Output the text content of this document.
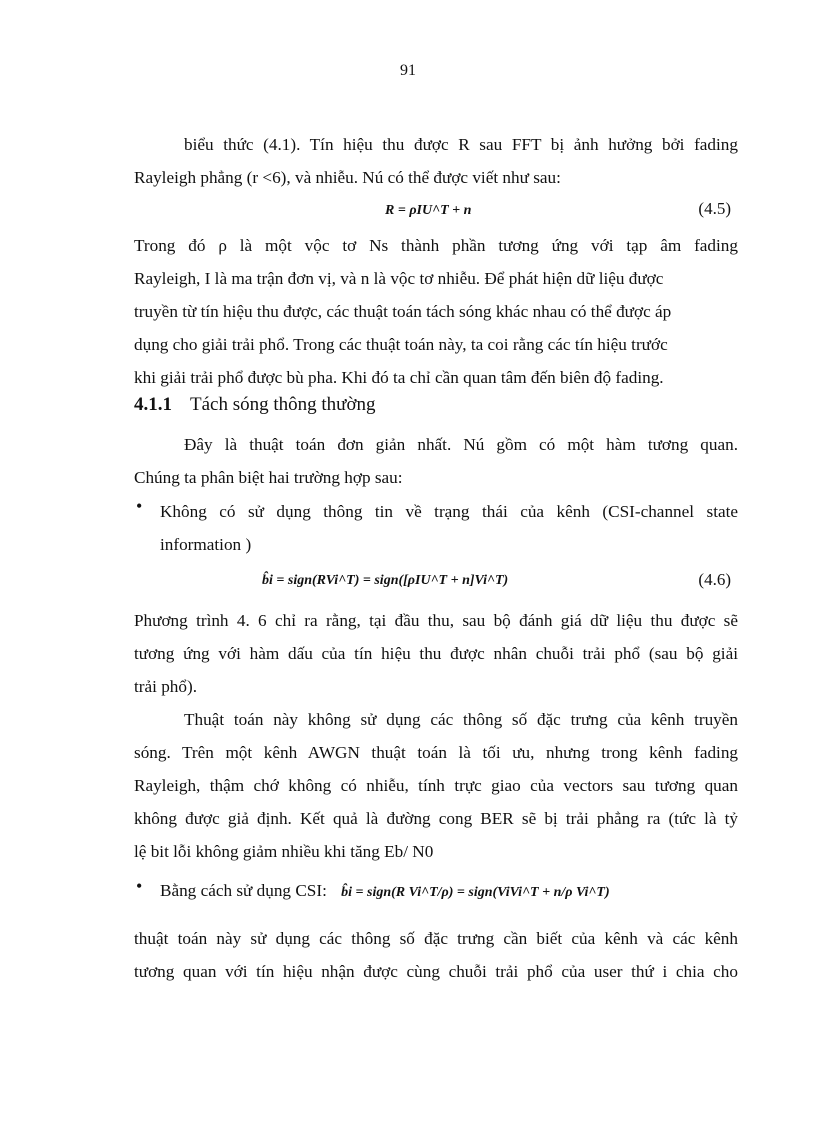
91
biểu thức (4.1). Tín hiệu thu được R sau FFT bị ảnh hưởng bởi fading
Rayleigh phẳng (r <6), và nhiễu. Nú có thể được viết như sau:
R = ρIU^T + n	(4.5)
Trong đó ρ là một vộc tơ Ns thành phần tương ứng với tạp âm fading
Rayleigh, I là ma trận đơn vị, và n là vộc tơ nhiễu. Để phát hiện dữ liệu được
truyền từ tín hiệu thu được, các thuật toán tách sóng khác nhau có thể được áp
dụng cho giải trải phổ. Trong các thuật toán này, ta coi rằng các tín hiệu trước
khi giải trải phổ được bù pha. Khi đó ta chỉ cần quan tâm đến biên độ fading.
4.1.1 Tách sóng thông thường
Đây là thuật toán đơn giản nhất. Nú gồm có một hàm tương quan.
Chúng ta phân biệt hai trường hợp sau:
• Không có sử dụng thông tin về trạng thái của kênh (CSI-channel state
information )
b̂i = sign(RVi^T) = sign([ρIU^T + n]Vi^T)	(4.6)
Phương trình 4. 6 chỉ ra rằng, tại đầu thu, sau bộ đánh giá dữ liệu thu được sẽ
tương ứng với hàm dấu của tín hiệu thu được nhân chuỗi trải phổ (sau bộ giải
trải phổ).
Thuật toán này không sử dụng các thông số đặc trưng của kênh truyền
sóng. Trên một kênh AWGN thuật toán là tối ưu, nhưng trong kênh fading
Rayleigh, thậm chớ không có nhiễu, tính trực giao của vectors sau tương quan
không được giả định. Kết quả là đường cong BER sẽ bị trải phẳng ra (tức là tỷ
lệ bit lỗi không giảm nhiều khi tăng Eb/ N0
• Bằng cách sử dụng CSI: b̂i = sign(R Vi^T/ρ) = sign(ViVi^T + n/ρ Vi^T)
thuật toán này sử dụng các thông số đặc trưng cần biết của kênh và các kênh
tương quan với tín hiệu nhận được cùng chuỗi trải phổ của user thứ i chia cho
